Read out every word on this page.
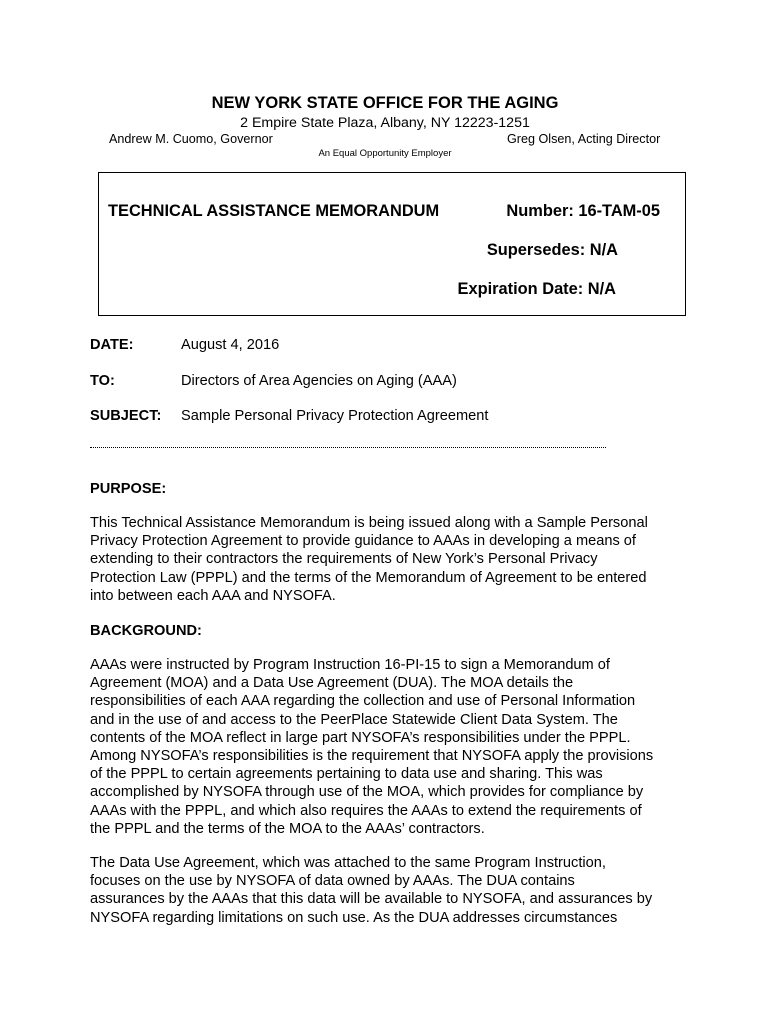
NEW YORK STATE OFFICE FOR THE AGING
2 Empire State Plaza, Albany, NY 12223-1251
Andrew M. Cuomo, Governor	Greg Olsen, Acting Director
An Equal Opportunity Employer
TECHNICAL ASSISTANCE MEMORANDUM	Number: 16-TAM-05
Supersedes: N/A
Expiration Date: N/A
DATE:	August 4, 2016
TO:	Directors of Area Agencies on Aging (AAA)
SUBJECT: Sample Personal Privacy Protection Agreement
PURPOSE:
This Technical Assistance Memorandum is being issued along with a Sample Personal
Privacy Protection Agreement to provide guidance to AAAs in developing a means of
extending to their contractors the requirements of New York’s Personal Privacy
Protection Law (PPPL) and the terms of the Memorandum of Agreement to be entered
into between each AAA and NYSOFA.
BACKGROUND:
AAAs were instructed by Program Instruction 16-PI-15 to sign a Memorandum of
Agreement (MOA) and a Data Use Agreement (DUA). The MOA details the
responsibilities of each AAA regarding the collection and use of Personal Information
and in the use of and access to the PeerPlace Statewide Client Data System. The
contents of the MOA reflect in large part NYSOFA’s responsibilities under the PPPL.
Among NYSOFA’s responsibilities is the requirement that NYSOFA apply the provisions
of the PPPL to certain agreements pertaining to data use and sharing. This was
accomplished by NYSOFA through use of the MOA, which provides for compliance by
AAAs with the PPPL, and which also requires the AAAs to extend the requirements of
the PPPL and the terms of the MOA to the AAAs’ contractors.
The Data Use Agreement, which was attached to the same Program Instruction,
focuses on the use by NYSOFA of data owned by AAAs. The DUA contains
assurances by the AAAs that this data will be available to NYSOFA, and assurances by
NYSOFA regarding limitations on such use. As the DUA addresses circumstances
